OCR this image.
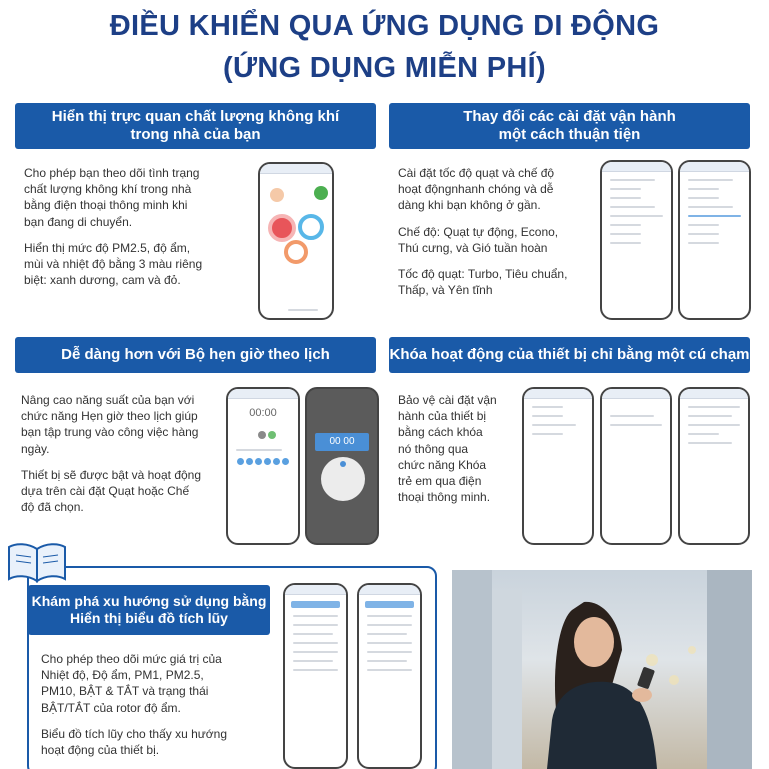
ĐIỀU KHIỂN QUA ỨNG DỤNG DI ĐỘNG
(ỨNG DỤNG MIỄN PHÍ)
Hiển thị trực quan chất lượng không khí
trong nhà của bạn

Cho phép bạn theo dõi tình trạng chất lượng không khí trong nhà bằng điện thoại thông minh khi bạn đang di chuyển.

Hiển thị mức độ PM2.5, độ ẩm, mùi và nhiệt độ bằng 3 màu riêng biệt: xanh dương, cam và đỏ.

Thay đổi các cài đặt vận hành
một cách thuận tiện

Cài đặt tốc độ quạt và chế độ hoạt độngnhanh chóng và dễ dàng khi bạn không ở gần.

Chế độ: Quạt tự động, Econo, Thú cưng, và Gió tuần hoàn

Tốc độ quạt: Turbo, Tiêu chuẩn, Thấp, và Yên tĩnh

Dễ dàng hơn với Bộ hẹn giờ theo lịch

Nâng cao năng suất của bạn với chức năng Hẹn giờ theo lịch giúp bạn tập trung vào công việc hàng ngày.

Thiết bị sẽ được bật và hoạt động dựa trên cài đặt Quạt hoặc Chế độ đã chọn.

00:00
00 00
Khóa hoạt động của thiết bị chỉ bằng một cú chạm

Bảo vệ cài đặt vận hành của thiết bị bằng cách khóa nó thông qua chức năng Khóa trẻ em qua điện thoại thông minh.

Khám phá xu hướng sử dụng bằng
Hiển thị biểu đồ tích lũy

Cho phép theo dõi mức giá trị của Nhiệt độ, Độ ẩm, PM1, PM2.5, PM10, BẬT & TẮT và trạng thái BẬT/TẮT của rotor độ ẩm.

Biểu đồ tích lũy cho thấy xu hướng hoạt động của thiết bị.
